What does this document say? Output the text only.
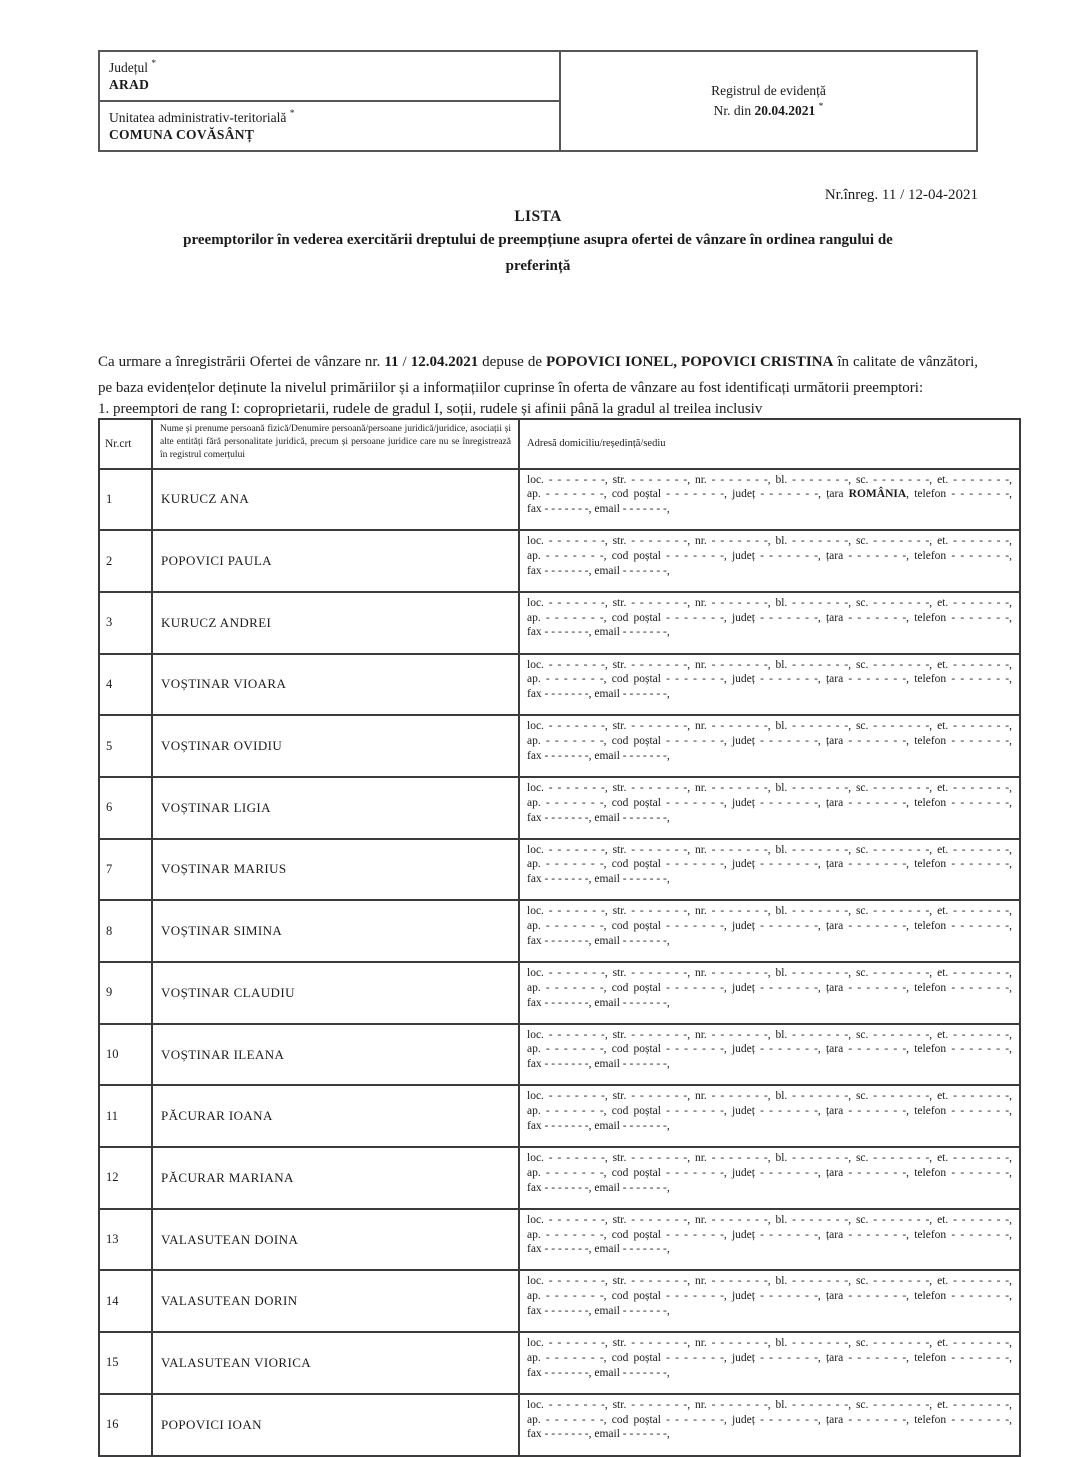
Județul *
ARAD	Registrul de evidență
Nr. din 20.04.2021 *

Unitatea administrativ-teritorială *
COMUNA COVĂSÂNȚ
Nr.înreg. 11 / 12-04-2021
LISTA
preemptorilor în vederea exercitării dreptului de preempțiune asupra ofertei de vânzare în ordinea rangului de
preferință

Ca urmare a înregistrării Ofertei de vânzare nr. 11 / 12.04.2021 depuse de POPOVICI IONEL, POPOVICI CRISTINA în calitate de vânzători, pe baza evidențelor deținute la nivelul primăriilor și a informațiilor cuprinse în oferta de vânzare au fost identificați următorii preemptori:

1. preemptori de rang I: coproprietarii, rudele de gradul I, soții, rudele și afinii până la gradul al treilea inclusiv
Nr.crt	Nume și prenume persoană fizică/Denumire persoană/persoane juridică/juridice, asociații și alte entități fără personalitate juridică, precum și persoane juridice care nu se înregistrează în registrul comerțului	Adresă domiciliu/reședință/sediu
1	KURUCZ ANA	loc. - - - - - - -, str. - - - - - - -, nr. - - - - - - -, bl. - - - - - - -, sc. - - - - - - -, et. - - - - - - -,
ap. - - - - - - -, cod poștal - - - - - - -, județ - - - - - - -, țara ROMÂNIA, telefon - - - - - - -,
fax - - - - - - -, email - - - - - - -,

2	POPOVICI PAULA	loc. - - - - - - -, str. - - - - - - -, nr. - - - - - - -, bl. - - - - - - -, sc. - - - - - - -, et. - - - - - - -,
ap. - - - - - - -, cod poștal - - - - - - -, județ - - - - - - -, țara - - - - - - -, telefon - - - - - - -,
fax - - - - - - -, email - - - - - - -,

3	KURUCZ ANDREI	loc. - - - - - - -, str. - - - - - - -, nr. - - - - - - -, bl. - - - - - - -, sc. - - - - - - -, et. - - - - - - -,
ap. - - - - - - -, cod poștal - - - - - - -, județ - - - - - - -, țara - - - - - - -, telefon - - - - - - -,
fax - - - - - - -, email - - - - - - -,

4	VOȘTINAR VIOARA	loc. - - - - - - -, str. - - - - - - -, nr. - - - - - - -, bl. - - - - - - -, sc. - - - - - - -, et. - - - - - - -,
ap. - - - - - - -, cod poștal - - - - - - -, județ - - - - - - -, țara - - - - - - -, telefon - - - - - - -,
fax - - - - - - -, email - - - - - - -,

5	VOȘTINAR OVIDIU	loc. - - - - - - -, str. - - - - - - -, nr. - - - - - - -, bl. - - - - - - -, sc. - - - - - - -, et. - - - - - - -,
ap. - - - - - - -, cod poștal - - - - - - -, județ - - - - - - -, țara - - - - - - -, telefon - - - - - - -,
fax - - - - - - -, email - - - - - - -,

6	VOȘTINAR LIGIA	loc. - - - - - - -, str. - - - - - - -, nr. - - - - - - -, bl. - - - - - - -, sc. - - - - - - -, et. - - - - - - -,
ap. - - - - - - -, cod poștal - - - - - - -, județ - - - - - - -, țara - - - - - - -, telefon - - - - - - -,
fax - - - - - - -, email - - - - - - -,

7	VOȘTINAR MARIUS	loc. - - - - - - -, str. - - - - - - -, nr. - - - - - - -, bl. - - - - - - -, sc. - - - - - - -, et. - - - - - - -,
ap. - - - - - - -, cod poștal - - - - - - -, județ - - - - - - -, țara - - - - - - -, telefon - - - - - - -,
fax - - - - - - -, email - - - - - - -,

8	VOȘTINAR SIMINA	loc. - - - - - - -, str. - - - - - - -, nr. - - - - - - -, bl. - - - - - - -, sc. - - - - - - -, et. - - - - - - -,
ap. - - - - - - -, cod poștal - - - - - - -, județ - - - - - - -, țara - - - - - - -, telefon - - - - - - -,
fax - - - - - - -, email - - - - - - -,

9	VOȘTINAR CLAUDIU	loc. - - - - - - -, str. - - - - - - -, nr. - - - - - - -, bl. - - - - - - -, sc. - - - - - - -, et. - - - - - - -,
ap. - - - - - - -, cod poștal - - - - - - -, județ - - - - - - -, țara - - - - - - -, telefon - - - - - - -,
fax - - - - - - -, email - - - - - - -,

10	VOȘTINAR ILEANA	loc. - - - - - - -, str. - - - - - - -, nr. - - - - - - -, bl. - - - - - - -, sc. - - - - - - -, et. - - - - - - -,
ap. - - - - - - -, cod poștal - - - - - - -, județ - - - - - - -, țara - - - - - - -, telefon - - - - - - -,
fax - - - - - - -, email - - - - - - -,

11	PĂCURAR IOANA	loc. - - - - - - -, str. - - - - - - -, nr. - - - - - - -, bl. - - - - - - -, sc. - - - - - - -, et. - - - - - - -,
ap. - - - - - - -, cod poștal - - - - - - -, județ - - - - - - -, țara - - - - - - -, telefon - - - - - - -,
fax - - - - - - -, email - - - - - - -,

12	PĂCURAR MARIANA	loc. - - - - - - -, str. - - - - - - -, nr. - - - - - - -, bl. - - - - - - -, sc. - - - - - - -, et. - - - - - - -,
ap. - - - - - - -, cod poștal - - - - - - -, județ - - - - - - -, țara - - - - - - -, telefon - - - - - - -,
fax - - - - - - -, email - - - - - - -,

13	VALASUTEAN DOINA	loc. - - - - - - -, str. - - - - - - -, nr. - - - - - - -, bl. - - - - - - -, sc. - - - - - - -, et. - - - - - - -,
ap. - - - - - - -, cod poștal - - - - - - -, județ - - - - - - -, țara - - - - - - -, telefon - - - - - - -,
fax - - - - - - -, email - - - - - - -,

14	VALASUTEAN DORIN	loc. - - - - - - -, str. - - - - - - -, nr. - - - - - - -, bl. - - - - - - -, sc. - - - - - - -, et. - - - - - - -,
ap. - - - - - - -, cod poștal - - - - - - -, județ - - - - - - -, țara - - - - - - -, telefon - - - - - - -,
fax - - - - - - -, email - - - - - - -,

15	VALASUTEAN VIORICA	loc. - - - - - - -, str. - - - - - - -, nr. - - - - - - -, bl. - - - - - - -, sc. - - - - - - -, et. - - - - - - -,
ap. - - - - - - -, cod poștal - - - - - - -, județ - - - - - - -, țara - - - - - - -, telefon - - - - - - -,
fax - - - - - - -, email - - - - - - -,

16	POPOVICI IOAN	loc. - - - - - - -, str. - - - - - - -, nr. - - - - - - -, bl. - - - - - - -, sc. - - - - - - -, et. - - - - - - -,
ap. - - - - - - -, cod poștal - - - - - - -, județ - - - - - - -, țara - - - - - - -, telefon - - - - - - -,
fax - - - - - - -, email - - - - - - -,
